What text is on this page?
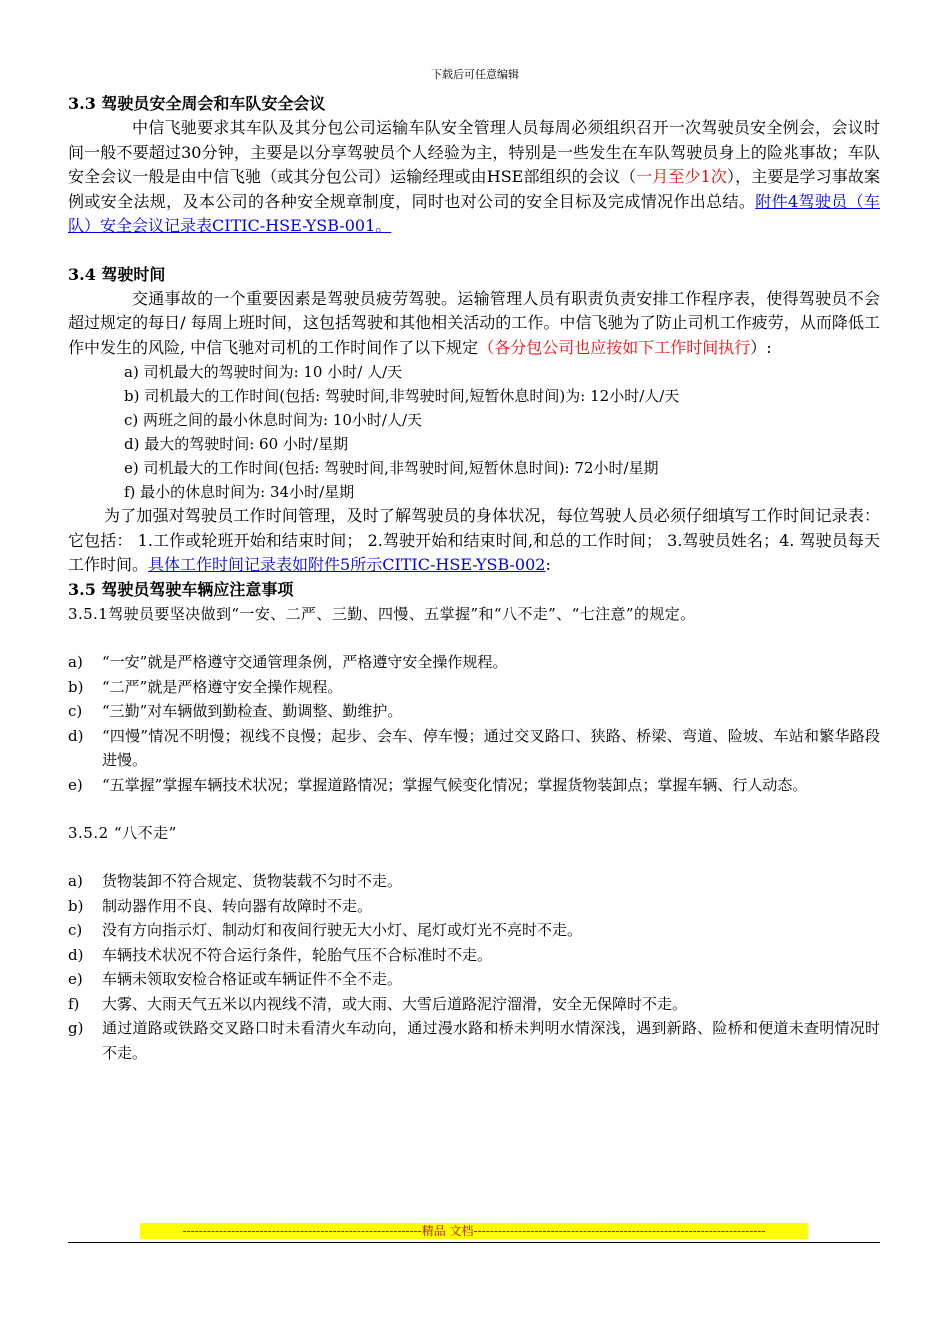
下载后可任意编辑
3.3 驾驶员安全周会和车队安全会议

中信飞驰要求其车队及其分包公司运输车队安全管理人员每周必须组织召开一次驾驶员安全例会，会议时间一般不要超过30分钟，主要是以分享驾驶员个人经验为主，特别是一些发生在车队驾驶员身上的险兆事故；车队安全会议一般是由中信飞驰（或其分包公司）运输经理或由HSE部组织的会议（一月至少1次），主要是学习事故案例或安全法规，及本公司的各种安全规章制度，同时也对公司的安全目标及完成情况作出总结。附件4驾驶员（车队）安全会议记录表CITIC-HSE-YSB-001。

3.4 驾驶时间

交通事故的一个重要因素是驾驶员疲劳驾驶。运输管理人员有职责负责安排工作程序表，使得驾驶员不会超过规定的每日/ 每周上班时间，这包括驾驶和其他相关活动的工作。中信飞驰为了防止司机工作疲劳，从而降低工作中发生的风险, 中信飞驰对司机的工作时间作了以下规定（各分包公司也应按如下工作时间执行）:

a) 司机最大的驾驶时间为: 10 小时/ 人/天
b) 司机最大的工作时间(包括: 驾驶时间,非驾驶时间,短暂休息时间)为: 12小时/人/天
c) 两班之间的最小休息时间为: 10小时/人/天
d) 最大的驾驶时间: 60 小时/星期
e) 司机最大的工作时间(包括: 驾驶时间,非驾驶时间,短暂休息时间): 72小时/星期
f) 最小的休息时间为: 34小时/星期

为了加强对驾驶员工作时间管理，及时了解驾驶员的身体状况，每位驾驶人员必须仔细填写工作时间记录表：它包括： 1.工作或轮班开始和结束时间； 2.驾驶开始和结束时间,和总的工作时间； 3.驾驶员姓名；4. 驾驶员每天工作时间。具体工作时间记录表如附件5所示CITIC-HSE-YSB-002:

3.5 驾驶员驾驶车辆应注意事项

3.5.1驾驶员要坚决做到“一安、二严、三勤、四慢、五掌握”和“八不走”、“七注意”的规定。

a)	“一安”就是严格遵守交通管理条例，严格遵守安全操作规程。
b)	“二严”就是严格遵守安全操作规程。
c)	“三勤”对车辆做到勤检查、勤调整、勤维护。
d)	“四慢”情况不明慢；视线不良慢；起步、会车、停车慢；通过交叉路口、狭路、桥梁、弯道、险坡、车站和繁华路段进慢。
e)	“五掌握”掌握车辆技术状况；掌握道路情况；掌握气候变化情况；掌握货物装卸点；掌握车辆、行人动态。

3.5.2 “八不走”

a)	货物装卸不符合规定、货物装载不匀时不走。
b)	制动器作用不良、转向器有故障时不走。
c)	没有方向指示灯、制动灯和夜间行驶无大小灯、尾灯或灯光不亮时不走。
d)	车辆技术状况不符合运行条件，轮胎气压不合标准时不走。
e)	车辆未领取安检合格证或车辆证件不全不走。
f)	大雾、大雨天气五米以内视线不清，或大雨、大雪后道路泥泞溜滑，安全无保障时不走。
g)	通过道路或铁路交叉路口时未看清火车动向，通过漫水路和桥未判明水情深浅，遇到新路、险桥和便道未查明情况时不走。
-----------------------------------------------------------精品 文档------------------------------------------------------------------------
